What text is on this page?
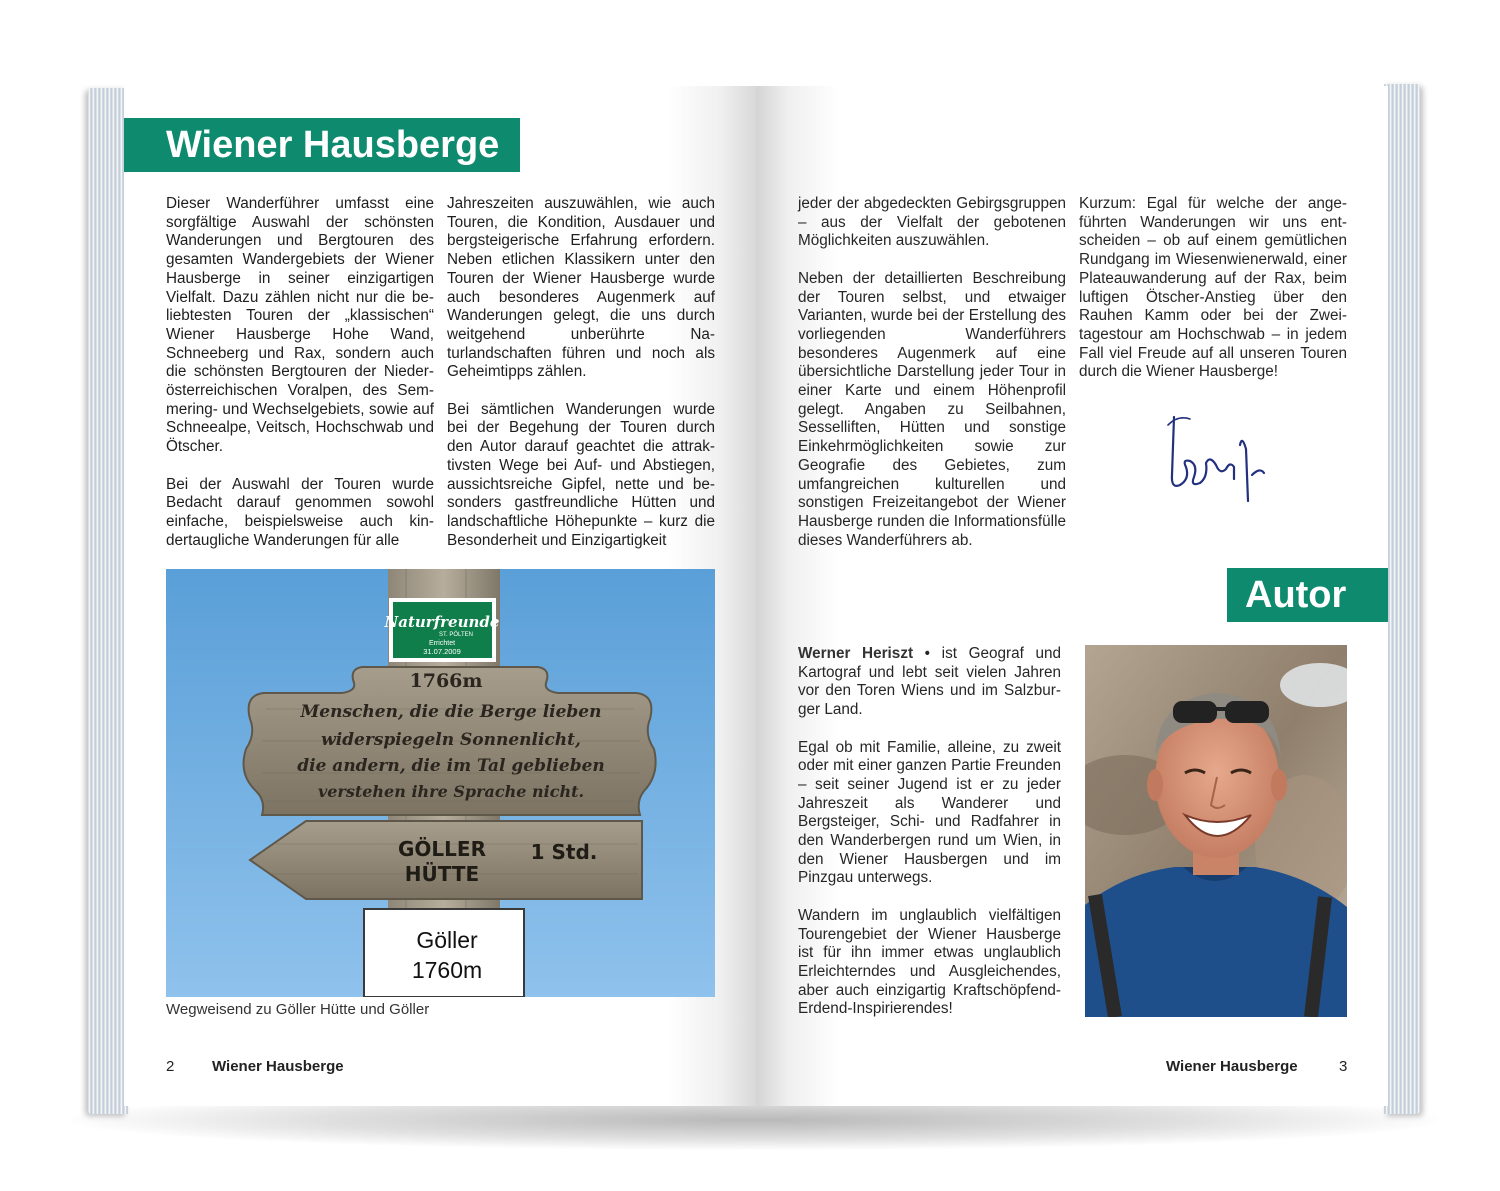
Wiener Hausberge

Dieser Wanderführer umfasst eine sorgfältige Auswahl der schönsten Wanderungen und Bergtouren des gesamten Wandergebiets der Wiener Hausberge in seiner einzigartigen Vielfalt. Dazu zählen nicht nur die beliebtesten Touren der „klassischen“ Wiener Hausberge Hohe Wand, Schneeberg und Rax, sondern auch die schönsten Bergtouren der Niederösterreichischen Voralpen, des Semmering- und Wechselgebiets, sowie auf Schneealpe, Veitsch, Hochschwab und Ötscher.

Bei der Auswahl der Touren wurde Bedacht darauf genommen sowohl einfache, beispielsweise auch kindertaugliche Wanderungen für alle

Jahreszeiten auszuwählen, wie auch Touren, die Kondition, Ausdauer und bergsteigerische Erfahrung erfordern. Neben etlichen Klassikern unter den Touren der Wiener Hausberge wurde auch besonderes Augenmerk auf Wanderungen gelegt, die uns durch weitgehend unberührte Naturlandschaften führen und noch als Geheimtipps zählen.

Bei sämtlichen Wanderungen wurde bei der Begehung der Touren durch den Autor darauf geachtet die attraktivsten Wege bei Auf- und Abstiegen, aussichtsreiche Gipfel, nette und besonders gastfreundliche Hütten und landschaftliche Höhepunkte – kurz die Besonderheit und Einzigartigkeit

Naturfreunde
ST. PÖLTEN
Errichtet
31.07.2009
1766m
Menschen, die die Berge lieben
widerspiegeln Sonnenlicht,
die andern, die im Tal geblieben
verstehen ihre Sprache nicht.
GÖLLER
HÜTTE
1 Std.
Göller
1760m
Wegweisend zu Göller Hütte und Göller
2	Wiener Hausberge

jeder der abgedeckten Gebirgsgruppen – aus der Vielfalt der gebotenen Möglichkeiten auszuwählen.

Neben der detaillierten Beschreibung der Touren selbst, und etwaiger Varianten, wurde bei der Erstellung des vorliegenden Wanderführers besonderes Augenmerk auf eine übersichtliche Darstellung jeder Tour in einer Karte und einem Höhenprofil gelegt. Angaben zu Seilbahnen, Sesselliften, Hütten und sonstige Einkehrmöglichkeiten sowie zur Geografie des Gebietes, zum umfangreichen kulturellen und sonstigen Freizeitangebot der Wiener Hausberge runden die Informationsfülle dieses Wanderführers ab.

Kurzum: Egal für welche der angeführten Wanderungen wir uns entscheiden – ob auf einem gemütlichen Rundgang im Wiesenwienerwald, einer Plateauwanderung auf der Rax, beim luftigen Ötscher-Anstieg über den Rauhen Kamm oder bei der Zweitagestour am Hochschwab – in jedem Fall viel Freude auf all unseren Touren durch die Wiener Hausberge!

Autor

Werner Heriszt • ist Geograf und Kartograf und lebt seit vielen Jahren vor den Toren Wiens und im Salzburger Land.

Egal ob mit Familie, alleine, zu zweit oder mit einer ganzen Partie Freunden – seit seiner Jugend ist er zu jeder Jahreszeit als Wanderer und Bergsteiger, Schi- und Radfahrer in den Wanderbergen rund um Wien, in den Wiener Hausbergen und im Pinzgau unterwegs.

Wandern im unglaublich vielfältigen Tourengebiet der Wiener Hausberge ist für ihn immer etwas unglaublich Erleichterndes und Ausgleichendes, aber auch einzigartig Kraftschöpfend-Erdend-Inspirierendes!

Wiener Hausberge	3
